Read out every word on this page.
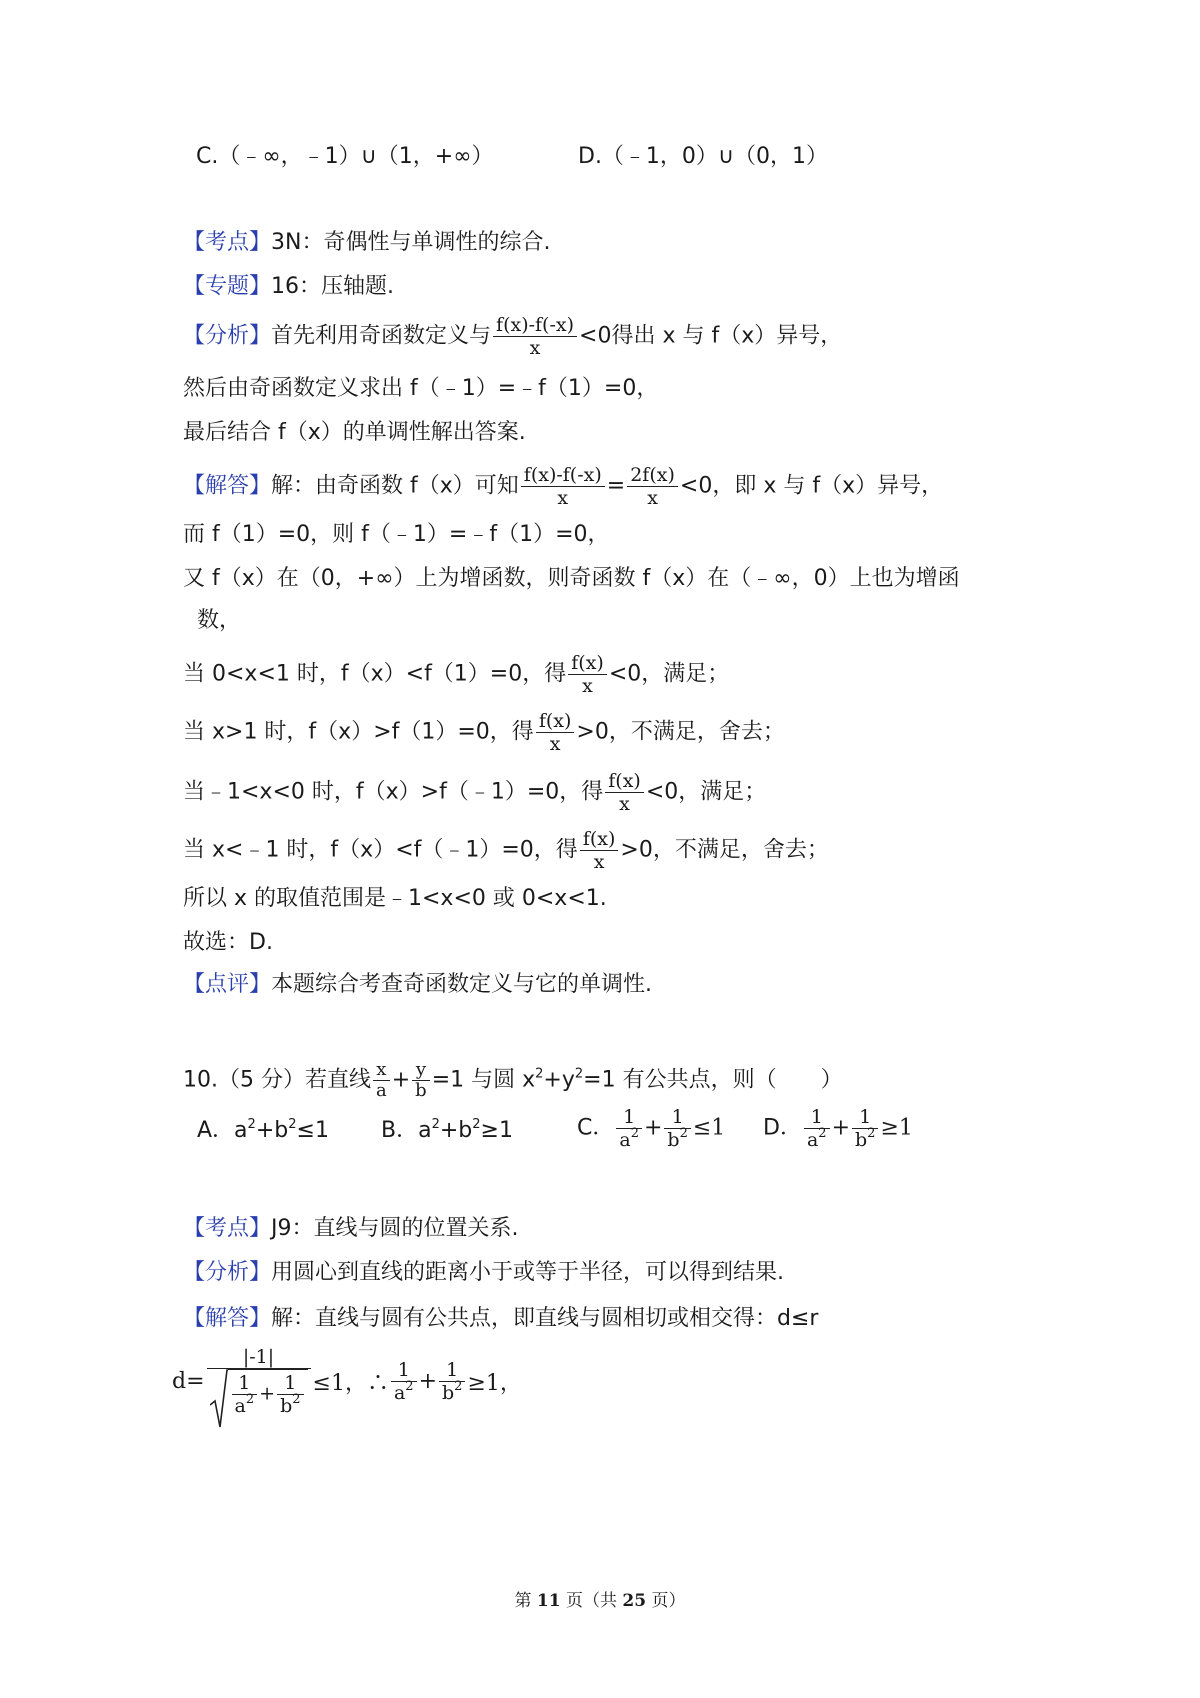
C.（﹣∞，﹣1）∪（1，+∞）	D.（﹣1，0）∪（0，1）
【考点】3N：奇偶性与单调性的综合.
【专题】16：压轴题.
【分析】首先利用奇函数定义与 $\frac{f(x)-f(-x)}{x} <0$得出 x 与 f（x）异号，
然后由奇函数定义求出 f（﹣1）=﹣f（1）=0，
最后结合 f（x）的单调性解出答案.
【解答】解：由奇函数 f（x）可知 $\frac{f(x)-f(-x)}{x} = \frac{2f(x)}{x} <0$，即 x 与 f（x）异号，
而 f（1）=0，则 f（﹣1）=﹣f（1）=0，
又 f（x）在（0，+∞）上为增函数，则奇函数 f（x）在（﹣∞，0）上也为增函
数，
当 0<x<1 时，f（x）<f（1）=0，得 $\frac{f(x)}{x} <0$，满足；
当 x>1 时，f（x）>f（1）=0，得 $\frac{f(x)}{x} >0$，不满足，舍去；
当﹣1<x<0 时，f（x）>f（﹣1）=0，得 $\frac{f(x)}{x} <0$，满足；
当 x<﹣1 时，f（x）<f（﹣1）=0，得 $\frac{f(x)}{x} >0$，不满足，舍去；
所以 x 的取值范围是﹣1<x<0 或 0<x<1.
故选：D.
【点评】本题综合考查奇函数定义与它的单调性.
10.（5 分）若直线 $\frac{x}{a} + \frac{y}{b} =1$ 与圆 $x^2+y^2=1$ 有公共点，则（　　）
A．$a^2+b^2\le 1$ B．$a^2+b^2\ge 1$	C． $\frac{1}{a^2} + \frac{1}{b^2} \le 1$ D． $\frac{1}{a^2} + \frac{1}{b^2} \ge 1$
【考点】J9：直线与圆的位置关系.
【分析】用圆心到直线的距离小于或等于半径，可以得到结果.
【解答】解：直线与圆有公共点，即直线与圆相切或相交得：d≤r
$d= \frac{|-1|}{\frac{1}{a^2} + \frac{1}{b^2}} \le 1$，∴ $\frac{1}{a^2} + \frac{1}{b^2} \ge 1$，
第 11 页（共 25 页）
